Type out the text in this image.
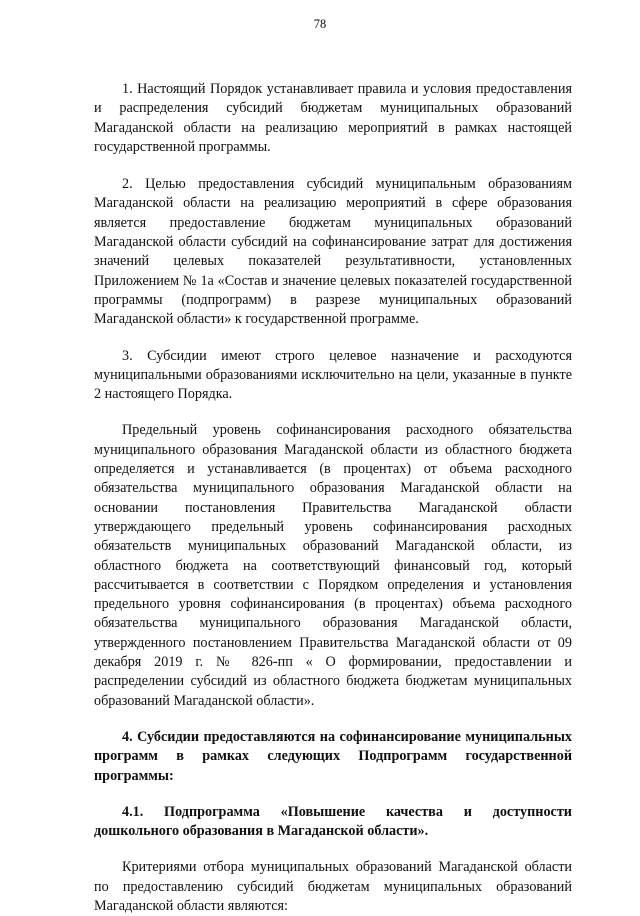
78

1. Настоящий Порядок устанавливает правила и условия предоставления и распределения субсидий бюджетам муниципальных образований Магаданской области на реализацию мероприятий в рамках настоящей государственной программы.

2. Целью предоставления субсидий муниципальным образованиям Магаданской области на реализацию мероприятий в сфере образования является предоставление бюджетам муниципальных образований Магаданской области субсидий на софинансирование затрат для достижения значений целевых показателей результативности, установленных Приложением № 1а «Состав и значение целевых показателей государственной программы (подпрограмм) в разрезе муниципальных образований Магаданской области» к государственной программе.

3. Субсидии имеют строго целевое назначение и расходуются муниципальными образованиями исключительно на цели, указанные в пункте 2 настоящего Порядка.

Предельный уровень софинансирования расходного обязательства муниципального образования Магаданской области из областного бюджета определяется и устанавливается (в процентах) от объема расходного обязательства муниципального образования Магаданской области на основании постановления Правительства Магаданской области утверждающего предельный уровень софинансирования расходных обязательств муниципальных образований Магаданской области, из областного бюджета на соответствующий финансовый год, который рассчитывается в соответствии с Порядком определения и установления предельного уровня софинансирования (в процентах) объема расходного обязательства муниципального образования Магаданской области, утвержденного постановлением Правительства Магаданской области от 09 декабря 2019 г. № 826-пп « О формировании, предоставлении и распределении субсидий из областного бюджета бюджетам муниципальных образований Магаданской области».

4. Субсидии предоставляются на софинансирование муниципальных программ в рамках следующих Подпрограмм государственной программы:

4.1. Подпрограмма «Повышение качества и доступности дошкольного образования в Магаданской области».

Критериями отбора муниципальных образований Магаданской области по предоставлению субсидий бюджетам муниципальных образований Магаданской области являются:
